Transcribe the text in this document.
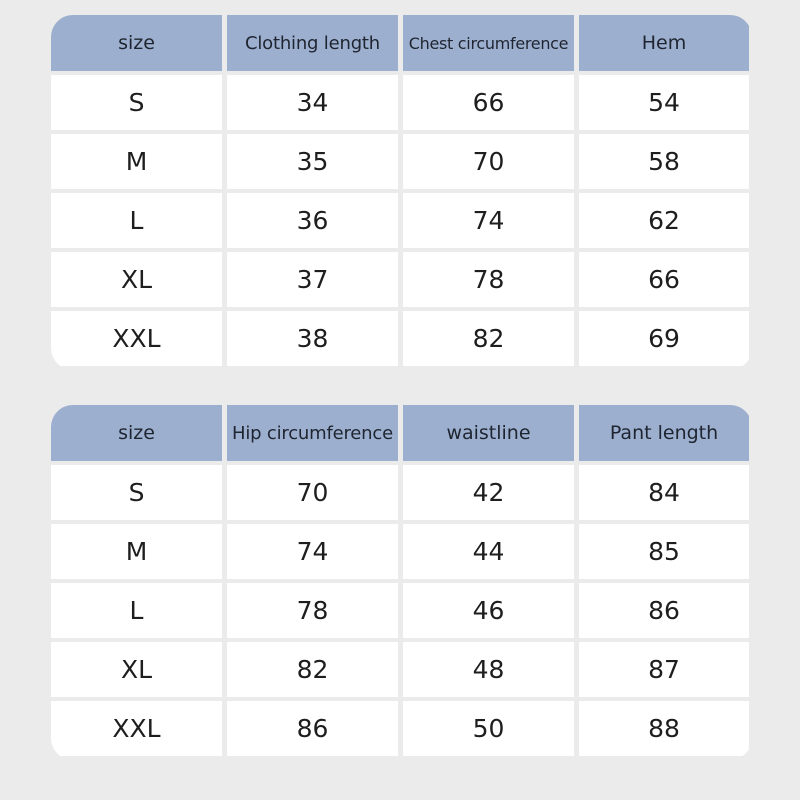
size	Clothing length	Chest circumference	Hem
S	34	66	54
M	35	70	58
L	36	74	62
XL	37	78	66
XXL	38	82	69
size	Hip circumference	waistline	Pant length
S	70	42	84
M	74	44	85
L	78	46	86
XL	82	48	87
XXL	86	50	88
